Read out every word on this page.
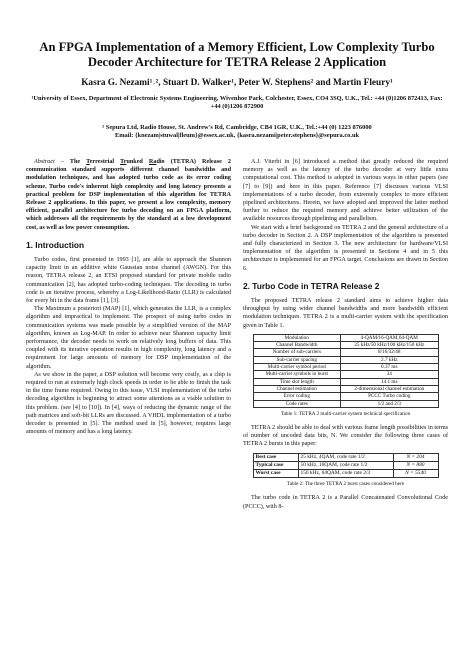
An FPGA Implementation of a Memory Efficient, Low Complexity Turbo Decoder Architecture for TETRA Release 2 Application
Kasra G. Nezami¹˒², Stuart D. Walker¹, Peter W. Stephens² and Martin Fleury¹
¹University of Essex, Department of Electronic Systems Engineering, Wivenhoe Park, Colchester, Essex, CO4 3SQ, U.K., Tel.: +44 (0)1206 872413, Fax: +44 (0)1206 872900
² Sepura Ltd, Radio House, St. Andrew's Rd, Cambridge, CB4 1GR, U.K., Tel.:+44 (0) 1223 876000
Email: {knezam|stuwal|fleum}@essex.ac.uk, {kasra.nezami|peter.stephens}@sepura.co.uk

Abstract – The Terrestrial Trunked Radio (TETRA) Release 2 communication standard supports different channel bandwidths and modulation techniques, and has adopted turbo code as its error coding scheme. Turbo code's inherent high complexity and long latency presents a practical problem for DSP implementation of this algorithm for TETRA Release 2 applications. In this paper, we present a low complexity, memory efficient, parallel architecture for turbo decoding on an FPGA platform, which addresses all the requirements by the standard at a low development cost, as well as low power consumption.

1. Introduction

Turbo codes, first presented in 1993 [1], are able to approach the Shannon capacity limit in an additive white Gaussian noise channel (AWGN). For this reason, TETRA release 2, an ETSI proposed standard for private mobile radio communication [2], has adopted turbo-coding techniques. The decoding in turbo code is an iterative process, whereby a Log-Likelihood-Ratio (LLR) is calculated for every bit in the data frame [1], [3].

The Maximum a posteriori (MAP) [1], which generates the LLR, is a complex algorithm and impractical to implement. The prospect of using turbo codes in communication systems was made possible by a simplified version of the MAP algorithm, known as Log-MAP. In order to achieve near Shannon capacity limit performance, the decoder needs to work on relatively long buffers of data. This coupled with its iterative operation results in high complexity, long latency and a requirement for large amounts of memory for DSP implementation of the algorithm.

As we show in the paper, a DSP solution will become very costly, as a chip is required to run at extremely high clock speeds in order to be able to finish the task in the time frame required. Owing to this issue, VLSI implementation of the turbo decoding algorithm is beginning to attract some attentions as a viable solution to this problem. (see [4] to [10]). In [4], ways of reducing the dynamic range of the path matrices and soft-bit LLRs are discussed. A VHDL implementation of a turbo decoder is presented in [5]. The method used in [5], however, requires large amounts of memory and has a long latency.

A.J. Viterbi in [6] introduced a method that greatly reduced the required memory as well as the latency of the turbo decoder at very little extra computational cost. This method is adopted in various ways in other papers (see [7] to [9]) and here in this paper. Reference [7] discusses various VLSI implementations of a turbo decoder, from extremely complex to more efficient pipelined architectures. Herein, we have adopted and improved the latter method further to reduce the required memory and achieve better utilization of the available resources through pipelining and parallelism.

We start with a brief background on TETRA 2 and the general architecture of a turbo decoder in Section 2. A DSP implementation of the algorithm is presented and fully characterized in Section 3. The new architecture for hardware/VLSI implementation of the algorithm is presented in Sections 4 and in 5 this architecture is implemented for an FPGA target. Conclusions are drawn in Section 6.

2. Turbo Code in TETRA Release 2

The proposed TETRA release 2 standard aims to achieve higher data throughput by using wider channel bandwidths and more bandwidth efficient modulation techniques. TETRA 2 is a multi-carrier system with the specification given in Table 1.

Modulation	4-QAM/16-QAM,64-QAM
Channel Bandwidth	25 kHz/50 kHz/100 kHz/150 kHz
Number of sub-carriers	8/16/32/48
Sub-carrier spacing	2.7 kHz
Multi-carrier symbol period	0.37 ms
Multi-carrier symbols in burst	34
Time slot length	14.1 ms
Channel estimation	2-dimensional channel estimation
Error coding	PCCC Turbo coding
Code rates	1/2 and 2/3
Table 1: TETRA 2 multi-carrier system technical specification

TETRA 2 should be able to deal with various frame length possibilities in terms of number of uncoded data bits, N. We consider the following three cases of TETRA 2 bursts in this paper:

Best case	25 kHz, 4QAM, code rate 1/2	N = 204
Typical case	50 kHz, 16QAM, code rate 1/2	N = 880
Worst case	150 kHz, 64QAM, code rate 2/3	N = 5540
Table 2: The three TETRA 2 burst cases considered here

The turbo code in TETRA 2 is a Parallel Concatenated Convolutional Code (PCCC), with 8-
